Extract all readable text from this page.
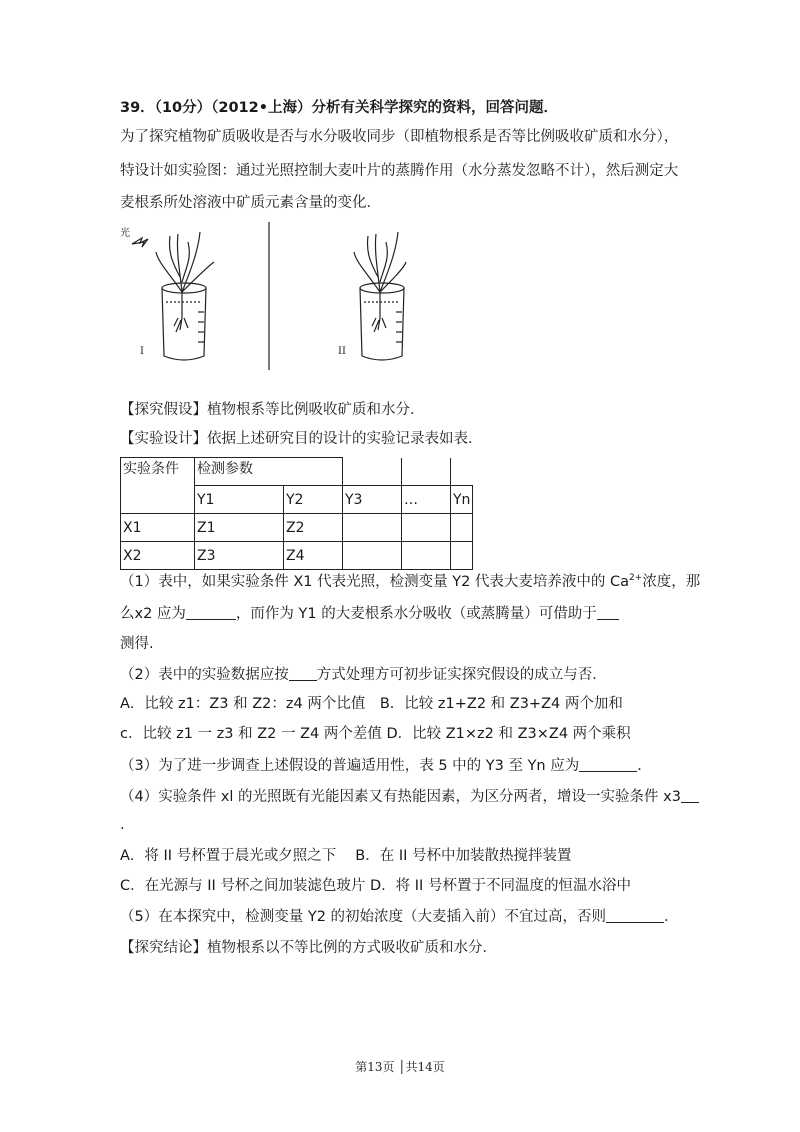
39．（10分）（2012•上海）分析有关科学探究的资料，回答问题．
为了探究植物矿质吸收是否与水分吸收同步（即植物根系是否等比例吸收矿质和水分），
特设计如实验图：通过光照控制大麦叶片的蒸腾作用（水分蒸发忽略不计），然后测定大
麦根系所处溶液中矿质元素含量的变化．
光
I	II
【探究假设】植物根系等比例吸收矿质和水分．
【实验设计】依据上述研究目的设计的实验记录表如表．
实验条件	检测参数				
	Y1	Y2	Y3	…	Yn
X1	Z1	Z2			
X2	Z3	Z4			
（1）表中，如果实验条件 X1 代表光照，检测变量 Y2 代表大麦培养液中的 $Ca^{2+}$浓度，那
么x2 应为	，而作为 Y1 的大麦根系水分吸收（或蒸腾量）可借助于
测得.
（2）表中的实验数据应按 方式处理方可初步证实探究假设的成立与否．
A．比较 z1：Z3 和 Z2：z4 两个比值　B．比较 z1+Z2 和 Z3+Z4 两个加和
c．比较 z1 一 z3 和 Z2 一 Z4 两个差值 D．比较 Z1×z2 和 Z3×Z4 两个乘积
（3）为了进一步调查上述假设的普遍适用性，表 5 中的 Y3 至 Yn 应为	．
（4）实验条件 xl 的光照既有光能因素又有热能因素，为区分两者，增设一实验条件 x3
.
A．将 II 号杯置于晨光或夕照之下　 B．在 II 号杯中加装散热搅拌装置
C．在光源与 II 号杯之间加装滤色玻片 D．将 II 号杯置于不同温度的恒温水浴中
（5）在本探究中，检测变量 Y2 的初始浓度（大麦插入前）不宜过高，否则	．
【探究结论】植物根系以不等比例的方式吸收矿质和水分．
第13页 │共14页
